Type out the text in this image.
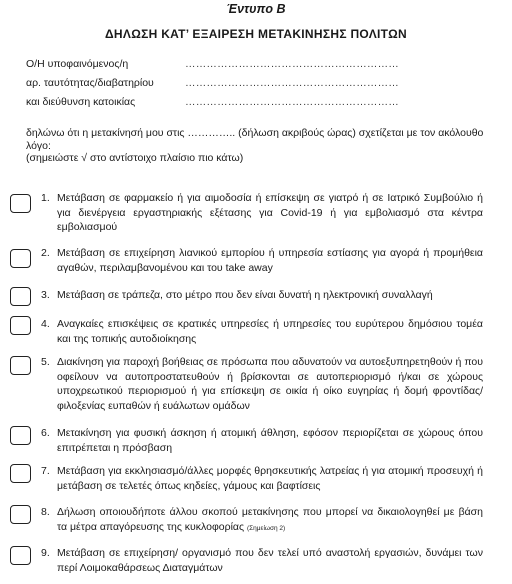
Έντυπο Β
ΔΗΛΩΣΗ ΚΑΤ’ ΕΞΑΙΡΕΣΗ ΜΕΤΑΚΙΝΗΣΗΣ ΠΟΛΙΤΩΝ
Ο/Η υποφαινόμενος/η	……………………………………………………
αρ. ταυτότητας/διαβατηρίου	……………………………………………………
και διεύθυνση κατοικίας	……………………………………………………
δηλώνω ότι η μετακίνησή μου στις ………….. (δήλωση ακριβούς ώρας) σχετίζεται με τον ακόλουθο λόγο:
(σημειώστε √ στο αντίστοιχο πλαίσιο πιο κάτω)
1. Μετάβαση σε φαρμακείο ή για αιμοδοσία ή επίσκεψη σε γιατρό ή σε Ιατρικό Συμβούλιο ή για διενέργεια εργαστηριακής εξέτασης για Covid-19 ή για εμβολιασμό στα κέντρα εμβολιασμού
2. Μετάβαση σε επιχείρηση λιανικού εμπορίου ή υπηρεσία εστίασης για αγορά ή προμήθεια αγαθών, περιλαμβανομένου και του take away
3. Μετάβαση σε τράπεζα, στο μέτρο που δεν είναι δυνατή η ηλεκτρονική συναλλαγή
4. Αναγκαίες επισκέψεις σε κρατικές υπηρεσίες ή υπηρεσίες του ευρύτερου δημόσιου τομέα και της τοπικής αυτοδιοίκησης
5. Διακίνηση για παροχή βοήθειας σε πρόσωπα που αδυνατούν να αυτοεξυπηρετηθούν ή που οφείλουν να αυτοπροστατευθούν ή βρίσκονται σε αυτοπεριορισμό ή/και σε χώρους υποχρεωτικού περιορισμού ή για επίσκεψη σε οικία ή οίκο ευγηρίας ή δομή φροντίδας/φιλοξενίας ευπαθών ή ευάλωτων ομάδων
6. Μετακίνηση για φυσική άσκηση ή ατομική άθληση, εφόσον περιορίζεται σε χώρους όπου επιτρέπεται η πρόσβαση
7. Μετάβαση για εκκλησιασμό/άλλες μορφές θρησκευτικής λατρείας ή για ατομική προσευχή ή μετάβαση σε τελετές όπως κηδείες, γάμους και βαφτίσεις
8. Δήλωση οποιουδήποτε άλλου σκοπού μετακίνησης που μπορεί να δικαιολογηθεί με βάση τα μέτρα απαγόρευσης της κυκλοφορίας (Σημείωση 2)
9. Μετάβαση σε επιχείρηση/ οργανισμό που δεν τελεί υπό αναστολή εργασιών, δυνάμει των περί Λοιμοκαθάρσεως Διαταγμάτων
